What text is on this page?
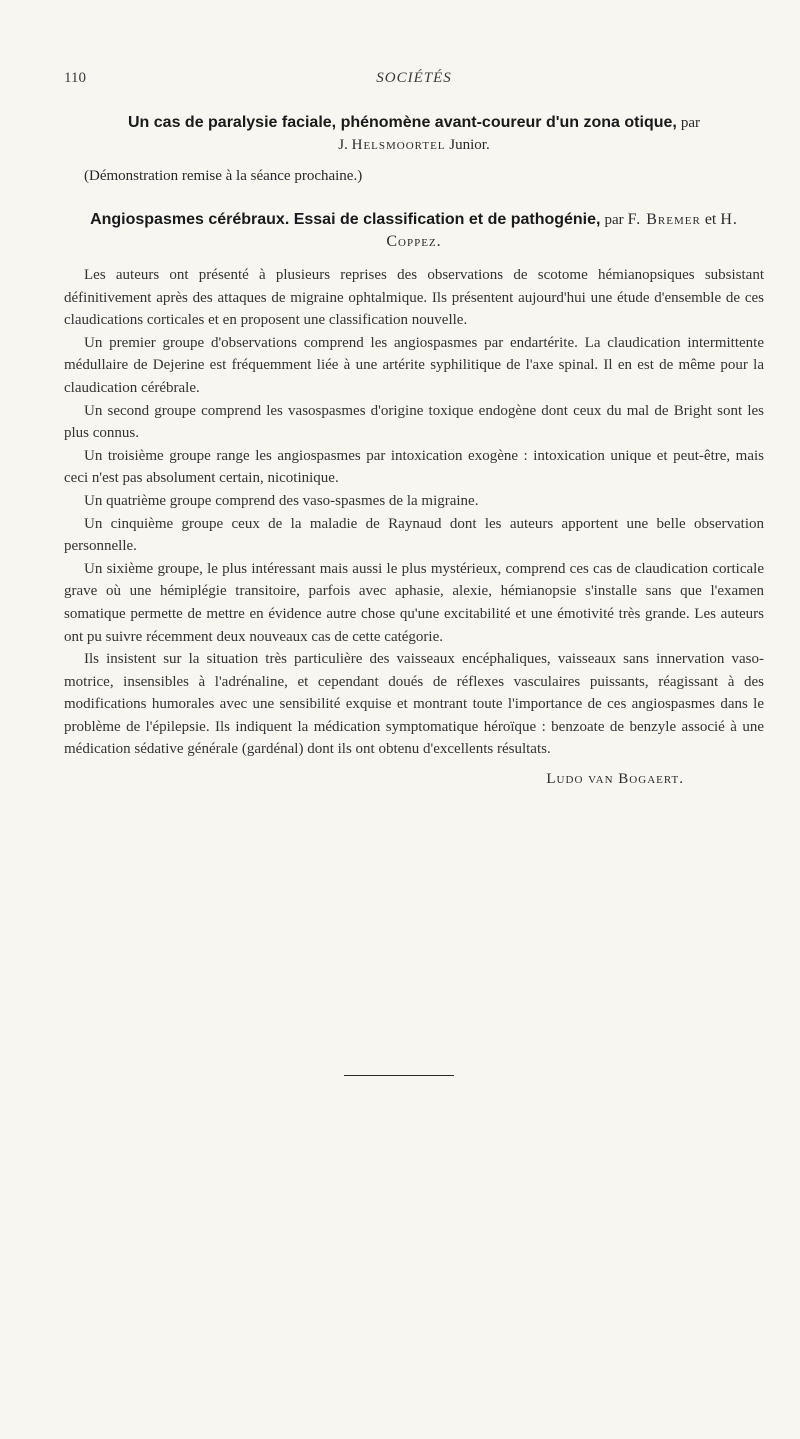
110	SOCIÉTÉS
Un cas de paralysie faciale, phénomène avant-coureur d'un zona otique, par
J. Helsmoortel Junior.

(Démonstration remise à la séance prochaine.)

Angiospasmes cérébraux. Essai de classification et de pathogénie, par F. Bremer et H. Coppez.

Les auteurs ont présenté à plusieurs reprises des observations de scotome hémianopsiques subsistant définitivement après des attaques de migraine ophtalmique. Ils présentent aujourd'hui une étude d'ensemble de ces claudications corticales et en proposent une classification nouvelle.

Un premier groupe d'observations comprend les angiospasmes par endartérite. La claudication intermittente médullaire de Dejerine est fréquemment liée à une artérite syphilitique de l'axe spinal. Il en est de même pour la claudication cérébrale.

Un second groupe comprend les vasospasmes d'origine toxique endogène dont ceux du mal de Bright sont les plus connus.

Un troisième groupe range les angiospasmes par intoxication exogène : intoxication unique et peut-être, mais ceci n'est pas absolument certain, nicotinique.

Un quatrième groupe comprend des vaso-spasmes de la migraine.

Un cinquième groupe ceux de la maladie de Raynaud dont les auteurs apportent une belle observation personnelle.

Un sixième groupe, le plus intéressant mais aussi le plus mystérieux, comprend ces cas de claudication corticale grave où une hémiplégie transitoire, parfois avec aphasie, alexie, hémianopsie s'installe sans que l'examen somatique permette de mettre en évidence autre chose qu'une excitabilité et une émotivité très grande. Les auteurs ont pu suivre récemment deux nouveaux cas de cette catégorie.

Ils insistent sur la situation très particulière des vaisseaux encéphaliques, vaisseaux sans innervation vaso-motrice, insensibles à l'adrénaline, et cependant doués de réflexes vasculaires puissants, réagissant à des modifications humorales avec une sensibilité exquise et montrant toute l'importance de ces angiospasmes dans le problème de l'épilepsie. Ils indiquent la médication symptomatique héroïque : benzoate de benzyle associé à une médication sédative générale (gardénal) dont ils ont obtenu d'excellents résultats.

Ludo van Bogaert.
